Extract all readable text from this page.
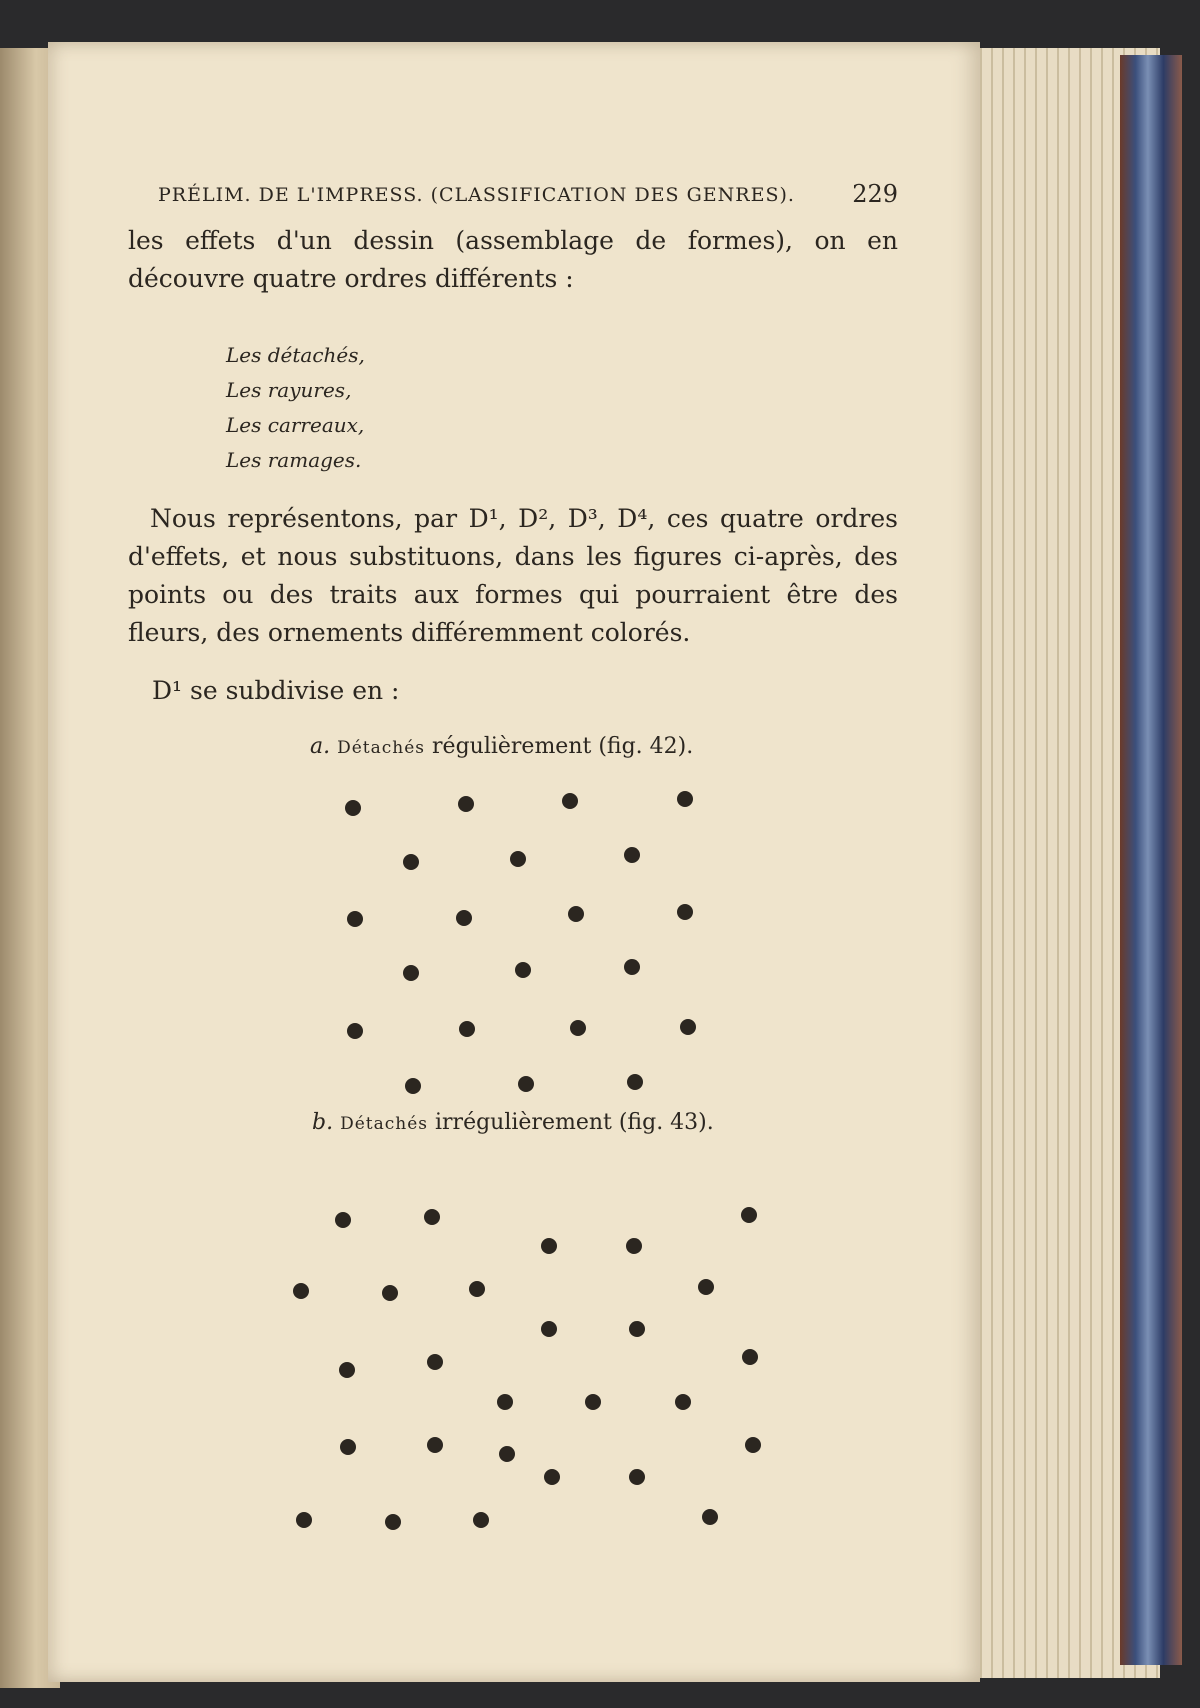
PRÉLIM. DE L'IMPRESS. (CLASSIFICATION DES GENRES). 229
les effets d'un dessin (assemblage de formes), on en découvre quatre ordres différents :
Les détachés,
Les rayures,
Les carreaux,
Les ramages.
Nous représentons, par D¹, D², D³, D⁴, ces quatre ordres d'effets, et nous substituons, dans les figures ci-après, des points ou des traits aux formes qui pourraient être des fleurs, des ornements différemment colorés.
D¹ se subdivise en :
a. Détachés régulièrement (fig. 42).
b. Détachés irrégulièrement (fig. 43).
